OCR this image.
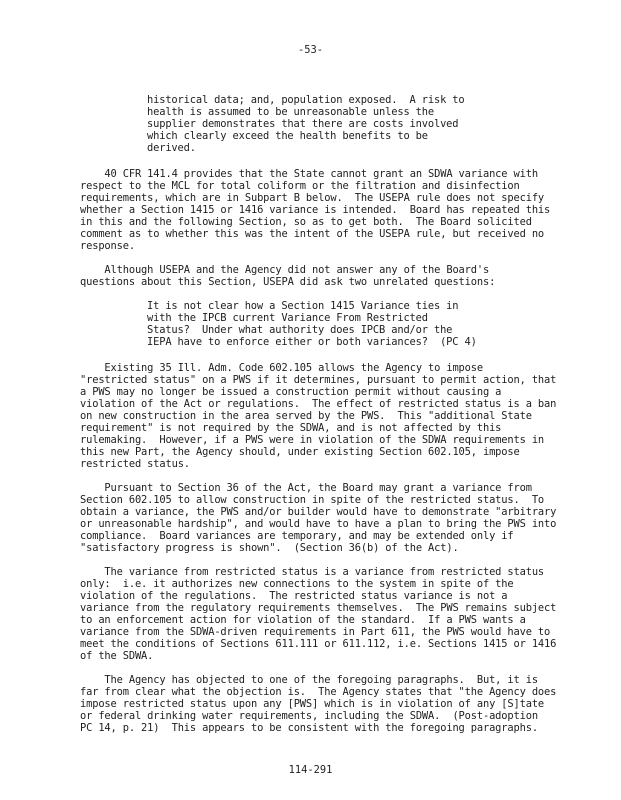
-53-
historical data; and, population exposed.  A risk to
health is assumed to be unreasonable unless the
supplier demonstrates that there are costs involved
which clearly exceed the health benefits to be
derived.
40 CFR 141.4 provides that the State cannot grant an SDWA variance with
respect to the MCL for total coliform or the filtration and disinfection
requirements, which are in Subpart B below.  The USEPA rule does not specify
whether a Section 1415 or 1416 variance is intended.  Board has repeated this
in this and the following Section, so as to get both.  The Board solicited
comment as to whether this was the intent of the USEPA rule, but received no
response.
Although USEPA and the Agency did not answer any of the Board's
questions about this Section, USEPA did ask two unrelated questions:
It is not clear how a Section 1415 Variance ties in
with the IPCB current Variance From Restricted
Status?  Under what authority does IPCB and/or the
IEPA have to enforce either or both variances?  (PC 4)
Existing 35 Ill. Adm. Code 602.105 allows the Agency to impose
"restricted status" on a PWS if it determines, pursuant to permit action, that
a PWS may no longer be issued a construction permit without causing a
violation of the Act or regulations.  The effect of restricted status is a ban
on new construction in the area served by the PWS.  This "additional State
requirement" is not required by the SDWA, and is not affected by this
rulemaking.  However, if a PWS were in violation of the SDWA requirements in
this new Part, the Agency should, under existing Section 602.105, impose
restricted status.
Pursuant to Section 36 of the Act, the Board may grant a variance from
Section 602.105 to allow construction in spite of the restricted status.  To
obtain a variance, the PWS and/or builder would have to demonstrate "arbitrary
or unreasonable hardship", and would have to have a plan to bring the PWS into
compliance.  Board variances are temporary, and may be extended only if
"satisfactory progress is shown".  (Section 36(b) of the Act).
The variance from restricted status is a variance from restricted status
only:  i.e. it authorizes new connections to the system in spite of the
violation of the regulations.  The restricted status variance is not a
variance from the regulatory requirements themselves.  The PWS remains subject
to an enforcement action for violation of the standard.  If a PWS wants a
variance from the SDWA-driven requirements in Part 611, the PWS would have to
meet the conditions of Sections 611.111 or 611.112, i.e. Sections 1415 or 1416
of the SDWA.
The Agency has objected to one of the foregoing paragraphs.  But, it is
far from clear what the objection is.  The Agency states that "the Agency does
impose restricted status upon any [PWS] which is in violation of any [S]tate
or federal drinking water requirements, including the SDWA.  (Post-adoption
PC 14, p. 21)  This appears to be consistent with the foregoing paragraphs.
114-291
